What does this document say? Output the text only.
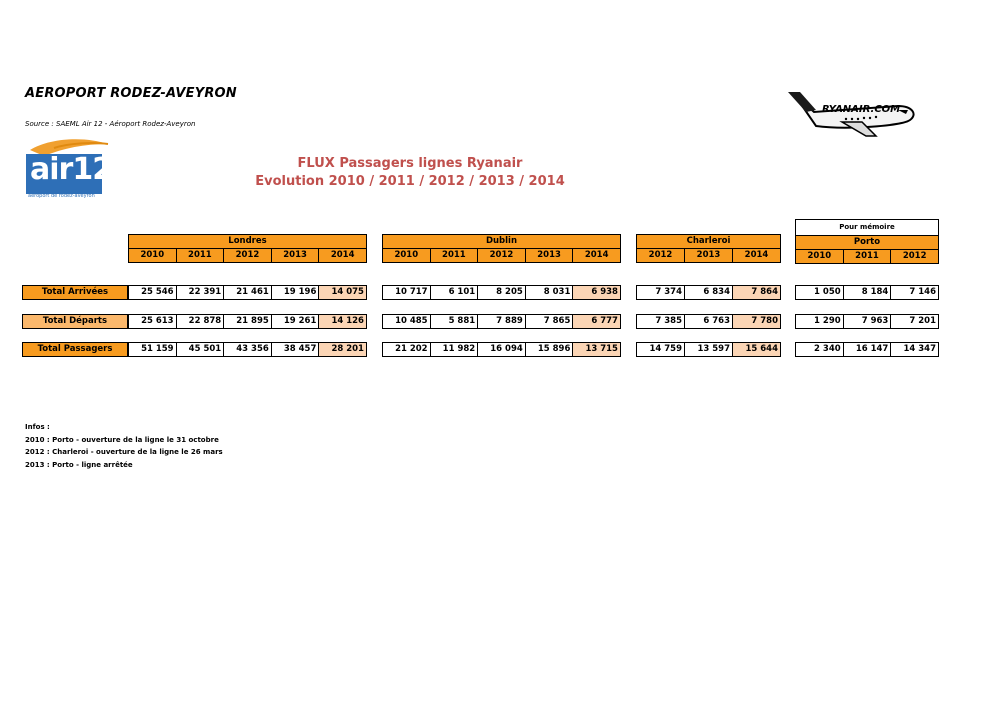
AEROPORT RODEZ-AVEYRON
Source : SAEML Air 12 - Aéroport Rodez-Aveyron
air12
aéroport de rodez-aveyron
RYANAIR.COM
FLUX Passagers lignes Ryanair
Evolution 2010 / 2011 / 2012 / 2013 / 2014
Londres
2010	2011	2012	2013	2014
Dublin
2010	2011	2012	2013	2014
Charleroi
2012	2013	2014
Pour mémoire
Porto
2010	2011	2012
Total Arrivées	25 546	22 391	21 461	19 196	14 075	10 717	6 101	8 205	8 031	6 938	7 374	6 834	7 864	1 050	8 184	7 146
Total Départs	25 613	22 878	21 895	19 261	14 126	10 485	5 881	7 889	7 865	6 777	7 385	6 763	7 780	1 290	7 963	7 201
Total Passagers	51 159	45 501	43 356	38 457	28 201	21 202	11 982	16 094	15 896	13 715	14 759	13 597	15 644	2 340	16 147	14 347
Infos :
2010 : Porto - ouverture de la ligne le 31 octobre
2012 : Charleroi - ouverture de la ligne le 26 mars
2013 : Porto - ligne arrêtée
